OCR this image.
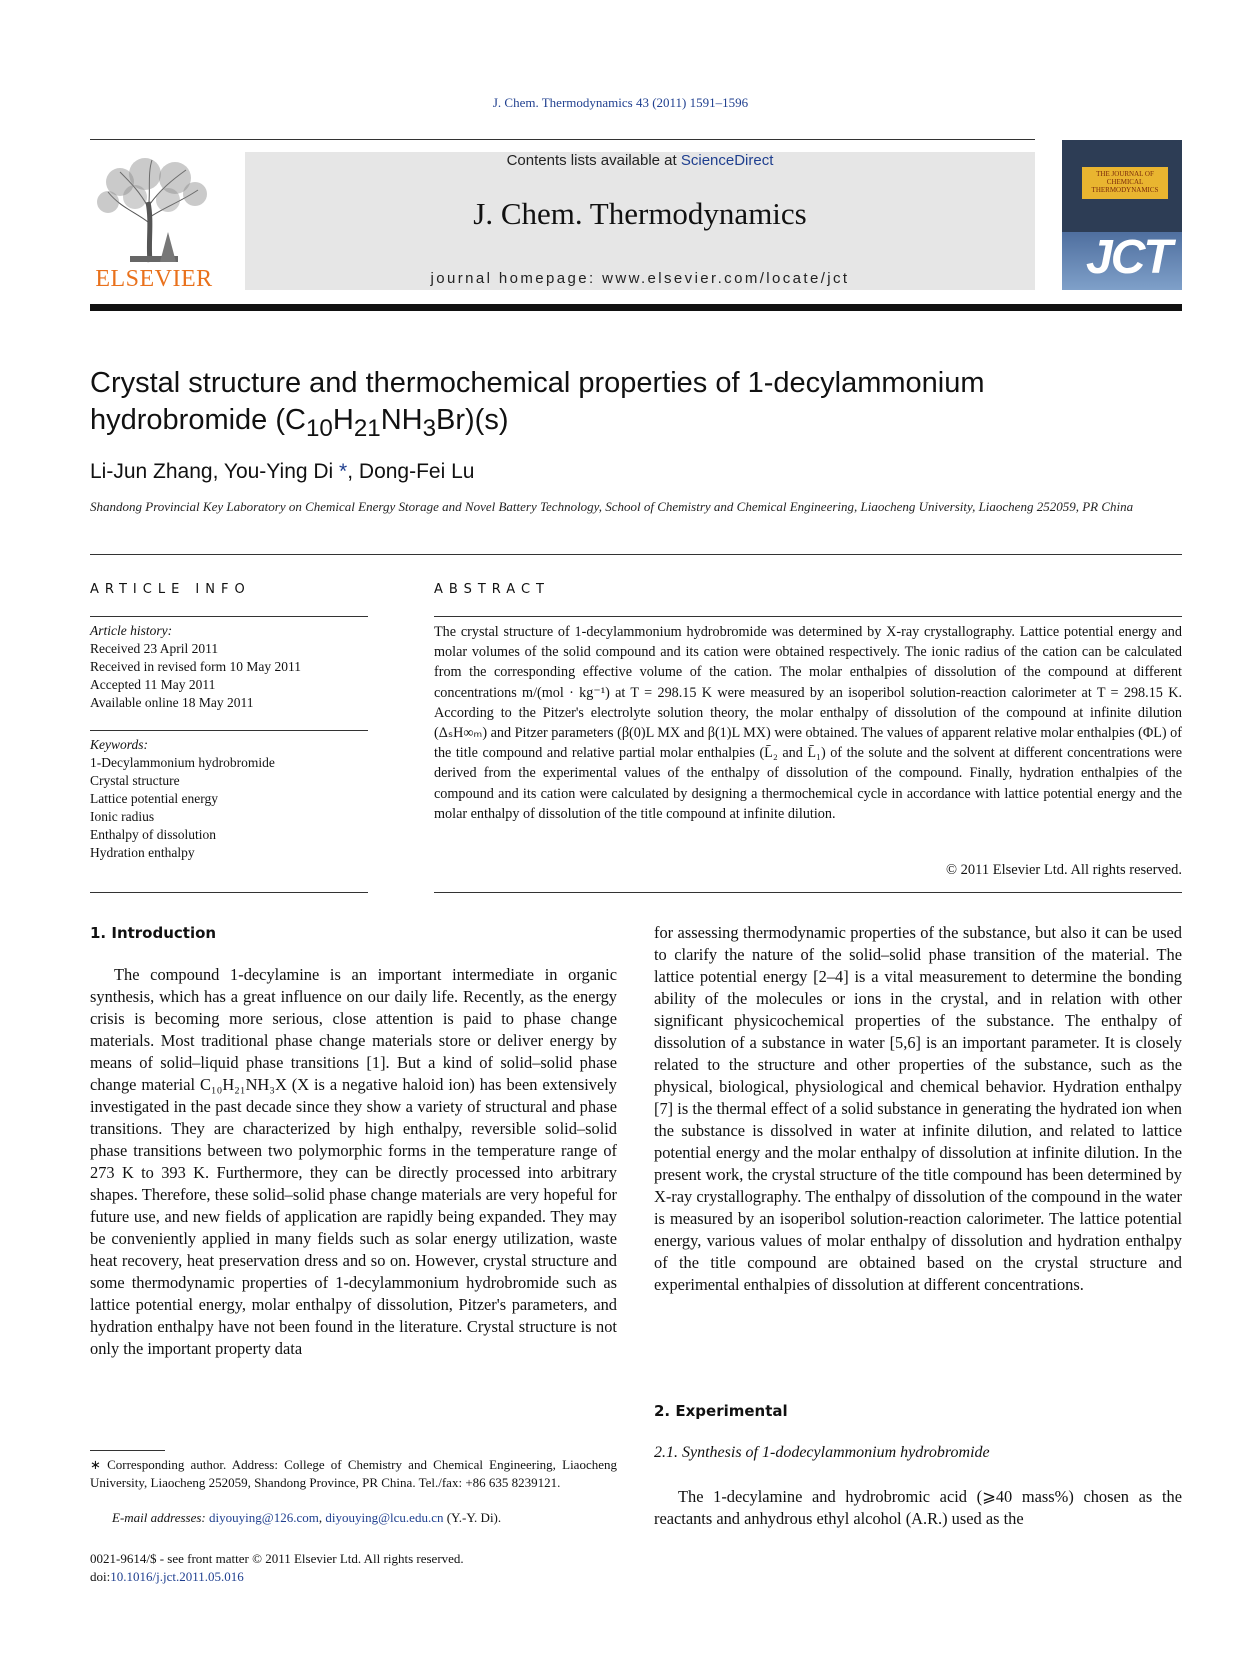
J. Chem. Thermodynamics 43 (2011) 1591–1596
ELSEVIER
Contents lists available at ScienceDirect
J. Chem. Thermodynamics
journal homepage: www.elsevier.com/locate/jct
THE JOURNAL OF CHEMICAL THERMODYNAMICS
JCT
Crystal structure and thermochemical properties of 1-decylammonium
hydrobromide $(C_{10}H_{21}NH_3Br)(s)$
Li-Jun Zhang, You-Ying Di *, Dong-Fei Lu
Shandong Provincial Key Laboratory on Chemical Energy Storage and Novel Battery Technology, School of Chemistry and Chemical Engineering, Liaocheng University, Liaocheng 252059, PR China
ARTICLE INFO
Article history:
Received 23 April 2011
Received in revised form 10 May 2011
Accepted 11 May 2011
Available online 18 May 2011
Keywords:
1-Decylammonium hydrobromide
Crystal structure
Lattice potential energy
Ionic radius
Enthalpy of dissolution
Hydration enthalpy
ABSTRACT
The crystal structure of 1-decylammonium hydrobromide was determined by X-ray crystallography. Lattice potential energy and molar volumes of the solid compound and its cation were obtained respectively. The ionic radius of the cation can be calculated from the corresponding effective volume of the cation. The molar enthalpies of dissolution of the compound at different concentrations m/(mol · kg⁻¹) at T = 298.15 K were measured by an isoperibol solution-reaction calorimeter at T = 298.15 K. According to the Pitzer's electrolyte solution theory, the molar enthalpy of dissolution of the compound at infinite dilution (ΔₛH∞ₘ) and Pitzer parameters (β(0)L MX and β(1)L MX) were obtained. The values of apparent relative molar enthalpies (ΦL) of the title compound and relative partial molar enthalpies (L̄₂ and L̄₁) of the solute and the solvent at different concentrations were derived from the experimental values of the enthalpy of dissolution of the compound. Finally, hydration enthalpies of the compound and its cation were calculated by designing a thermochemical cycle in accordance with lattice potential energy and the molar enthalpy of dissolution of the title compound at infinite dilution.
© 2011 Elsevier Ltd. All rights reserved.
1. Introduction

The compound 1-decylamine is an important intermediate in organic synthesis, which has a great influence on our daily life. Recently, as the energy crisis is becoming more serious, close attention is paid to phase change materials. Most traditional phase change materials store or deliver energy by means of solid–liquid phase transitions [1]. But a kind of solid–solid phase change material C₁₀H₂₁NH₃X (X is a negative haloid ion) has been extensively investigated in the past decade since they show a variety of structural and phase transitions. They are characterized by high enthalpy, reversible solid–solid phase transitions between two polymorphic forms in the temperature range of 273 K to 393 K. Furthermore, they can be directly processed into arbitrary shapes. Therefore, these solid–solid phase change materials are very hopeful for future use, and new fields of application are rapidly being expanded. They may be conveniently applied in many fields such as solar energy utilization, waste heat recovery, heat preservation dress and so on. However, crystal structure and some thermodynamic properties of 1-decylammonium hydrobromide such as lattice potential energy, molar enthalpy of dissolution, Pitzer's parameters, and hydration enthalpy have not been found in the literature. Crystal structure is not only the important property data

for assessing thermodynamic properties of the substance, but also it can be used to clarify the nature of the solid–solid phase transition of the material. The lattice potential energy [2–4] is a vital measurement to determine the bonding ability of the molecules or ions in the crystal, and in relation with other significant physicochemical properties of the substance. The enthalpy of dissolution of a substance in water [5,6] is an important parameter. It is closely related to the structure and other properties of the substance, such as the physical, biological, physiological and chemical behavior. Hydration enthalpy [7] is the thermal effect of a solid substance in generating the hydrated ion when the substance is dissolved in water at infinite dilution, and related to lattice potential energy and the molar enthalpy of dissolution at infinite dilution. In the present work, the crystal structure of the title compound has been determined by X-ray crystallography. The enthalpy of dissolution of the compound in the water is measured by an isoperibol solution-reaction calorimeter. The lattice potential energy, various values of molar enthalpy of dissolution and hydration enthalpy of the title compound are obtained based on the crystal structure and experimental enthalpies of dissolution at different concentrations.
2. Experimental
2.1. Synthesis of 1-dodecylammonium hydrobromide

The 1-decylamine and hydrobromic acid (⩾40 mass%) chosen as the reactants and anhydrous ethyl alcohol (A.R.) used as the

∗ Corresponding author. Address: College of Chemistry and Chemical Engineering, Liaocheng University, Liaocheng 252059, Shandong Province, PR China. Tel./fax: +86 635 8239121.
E-mail addresses: diyouying@126.com, diyouying@lcu.edu.cn (Y.-Y. Di).
0021-9614/$ - see front matter © 2011 Elsevier Ltd. All rights reserved.
doi:10.1016/j.jct.2011.05.016
